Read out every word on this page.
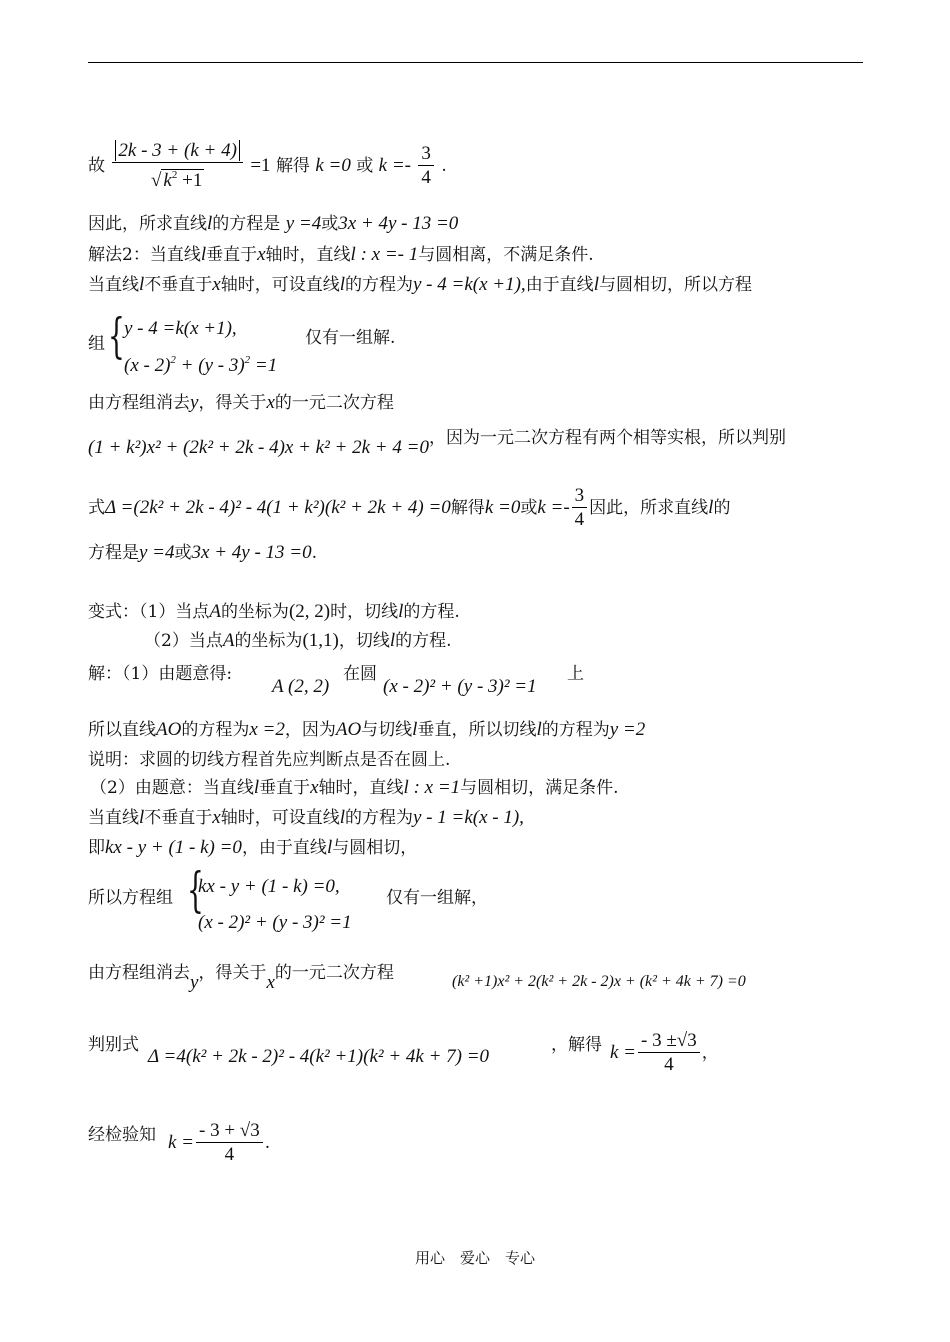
故 $\frac{2k - 3 + (k + 4)}{√ k^2 +1} =1$ 解得 k =0 或 $k =- \frac{3}{4}$ .
因此，所求直线l的方程是 y =4或3x + 4y - 13 =0
解法2：当直线l垂直于x轴时，直线l : x =- 1与圆相离，不满足条件.
当直线l不垂直于x轴时，可设直线l的方程为y - 4 =k(x +1),由于直线l与圆相切，所以方程
组 { y - 4 =k(x +1),
(x - 2)$^2$ + (y - 3)$^2$ =1
仅有一组解.
由方程组消去y，得关于x的一元二次方程
(1 + k²)x² + (2k² + 2k - 4)x + k² + 2k + 4 =0，因为一元二次方程有两个相等实根，所以判别
式Δ =(2k² + 2k - 4)² - 4(1 + k²)(k² + 2k + 4) =0解得k =0或$k =- \frac{3}{4}$ 因此，所求直线l的
方程是y =4或3x + 4y - 13 =0.
变式：（1）当点A的坐标为(2, 2)时，切线l的方程.
（2）当点A的坐标为(1,1)，切线l的方程.
解：（1）由题意得:
A (2, 2)
在圆
(x - 2)² + (y - 3)² =1
上
所以直线AO的方程为x =2，因为AO与切线l垂直，所以切线l的方程为y =2
说明：求圆的切线方程首先应判断点是否在圆上.
（2）由题意：当直线l垂直于x轴时，直线l : x =1与圆相切，满足条件.
当直线l不垂直于x轴时，可设直线l的方程为y - 1 =k(x - 1),
即kx - y + (1 - k) =0，由于直线l与圆相切，
所以方程组 {
kx - y + (1 - k) =0,
(x - 2)² + (y - 3)² =1
仅有一组解，
由方程组消去y，得关于x的一元二次方程	(k² +1)x² + 2(k² + 2k - 2)x + (k² + 4k + 7) =0
判别式
Δ =4(k² + 2k - 2)² - 4(k² +1)(k² + 4k + 7) =0
，解得 $k = \frac{- 3 \pm√3}{4}$ ，
经检验知 $k = \frac{- 3 + √3}{4}$ .
用心　爱心　专心
